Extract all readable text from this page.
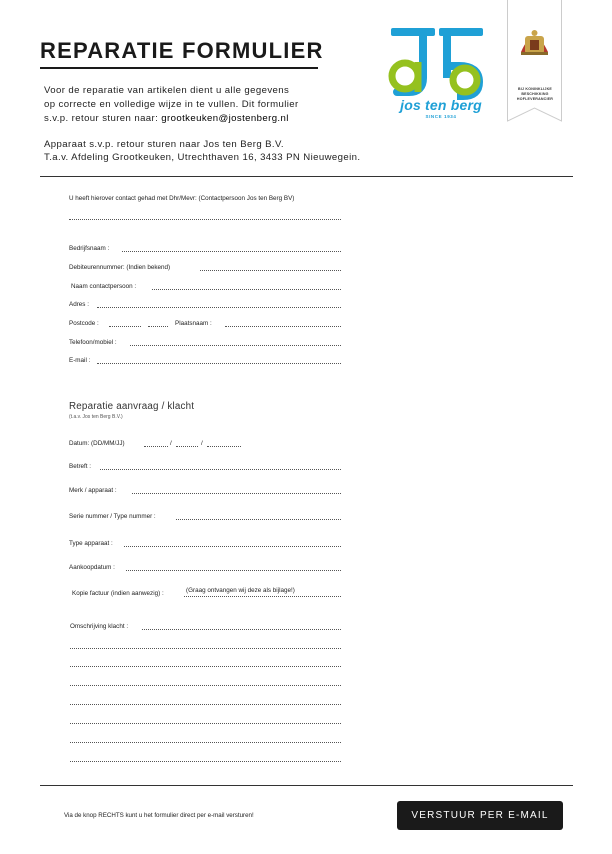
REPARATIE FORMULIER
Voor de reparatie van artikelen dient u alle gegevens
op correcte en volledige wijze in te vullen. Dit formulier
s.v.p. retour sturen naar: grootkeuken@jostenberg.nl
Apparaat s.v.p. retour sturen naar Jos ten Berg B.V.
T.a.v. Afdeling Grootkeuken, Utrechthaven 16, 3433 PN Nieuwegein.
jos ten berg
SINCE 1934
BIJ KONINKLIJKE BESCHIKKING
HOFLEVERANCIER
U heeft hierover contact gehad met Dhr/Mevr: (Contactpersoon Jos ten Berg BV)
Bedrijfsnaam :
Debiteurennummer: (Indien bekend)
Naam contactpersoon :
Adres :
Postcode :	Plaatsnaam :
Telefoon/mobiel :
E-mail :
Reparatie aanvraag / klacht
(t.a.v. Jos ten Berg B.V.)
Datum: (DD/MM/JJ)	/	/
Betreft :
Merk / apparaat :
Serie nummer / Type nummer :
Type apparaat :
Aankoopdatum :
Kopie factuur (indien aanwezig) :	(Graag ontvangen wij deze als bijlage!)
Omschrijving klacht :
Via de knop RECHTS kunt u het formulier direct per e-mail versturen!	VERSTUUR PER E-MAIL
